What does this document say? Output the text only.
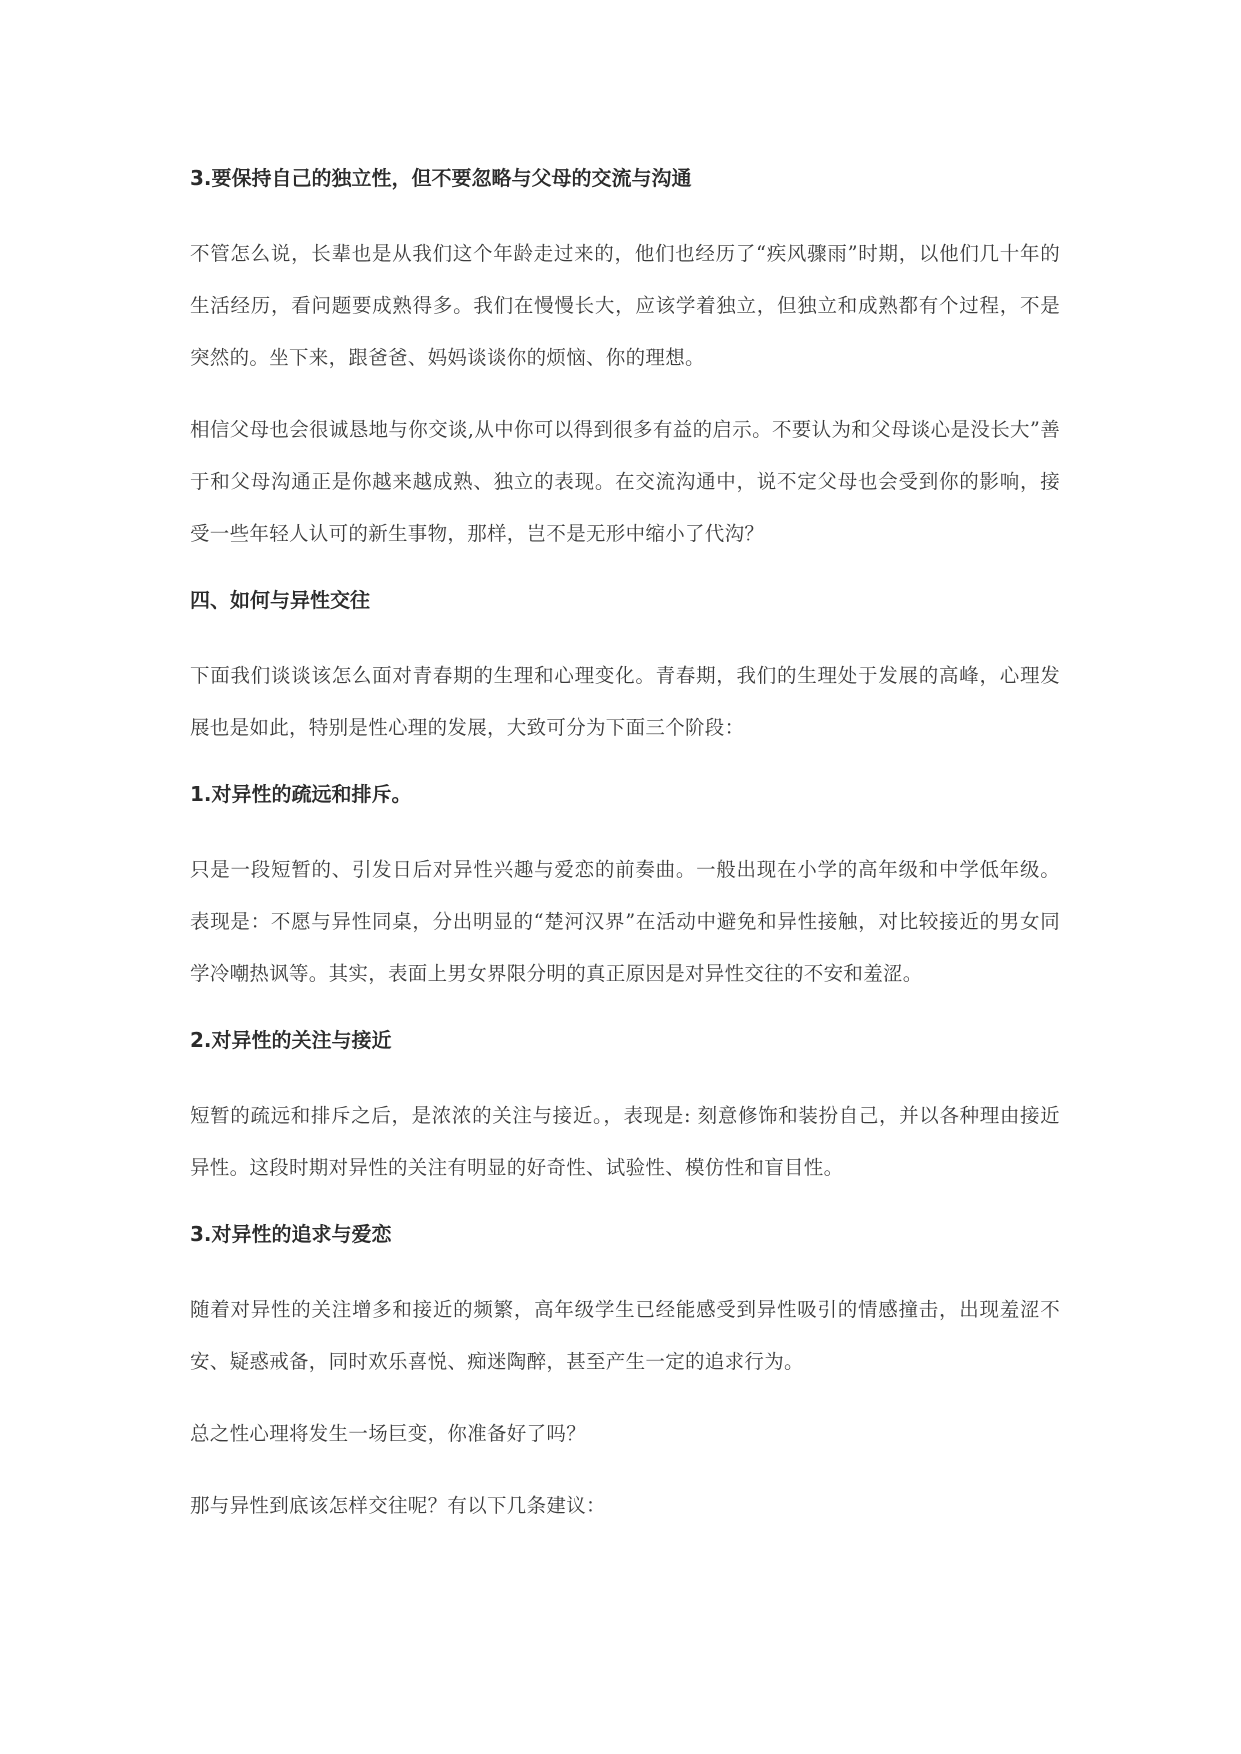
3.要保持自己的独立性，但不要忽略与父母的交流与沟通

不管怎么说，长辈也是从我们这个年龄走过来的，他们也经历了“疾风骤雨”时期，以他们几十年的生活经历，看问题要成熟得多。我们在慢慢长大，应该学着独立，但独立和成熟都有个过程，不是突然的。坐下来，跟爸爸、妈妈谈谈你的烦恼、你的理想。

相信父母也会很诚恳地与你交谈,从中你可以得到很多有益的启示。不要认为和父母谈心是没长大”善于和父母沟通正是你越来越成熟、独立的表现。在交流沟通中，说不定父母也会受到你的影响，接受一些年轻人认可的新生事物，那样，岂不是无形中缩小了代沟？

四、如何与异性交往

下面我们谈谈该怎么面对青春期的生理和心理变化。青春期，我们的生理处于发展的高峰，心理发展也是如此，特别是性心理的发展，大致可分为下面三个阶段：

1.对异性的疏远和排斥。

只是一段短暂的、引发日后对异性兴趣与爱恋的前奏曲。一般出现在小学的高年级和中学低年级。表现是：不愿与异性同桌，分出明显的“楚河汉界”在活动中避免和异性接触，对比较接近的男女同学冷嘲热讽等。其实，表面上男女界限分明的真正原因是对异性交往的不安和羞涩。

2.对异性的关注与接近

短暂的疏远和排斥之后，是浓浓的关注与接近。，表现是: 刻意修饰和装扮自己，并以各种理由接近异性。这段时期对异性的关注有明显的好奇性、试验性、模仿性和盲目性。

3.对异性的追求与爱恋

随着对异性的关注增多和接近的频繁，高年级学生已经能感受到异性吸引的情感撞击，出现羞涩不安、疑惑戒备，同时欢乐喜悦、痴迷陶醉，甚至产生一定的追求行为。

总之性心理将发生一场巨变，你准备好了吗？

那与异性到底该怎样交往呢？有以下几条建议：
